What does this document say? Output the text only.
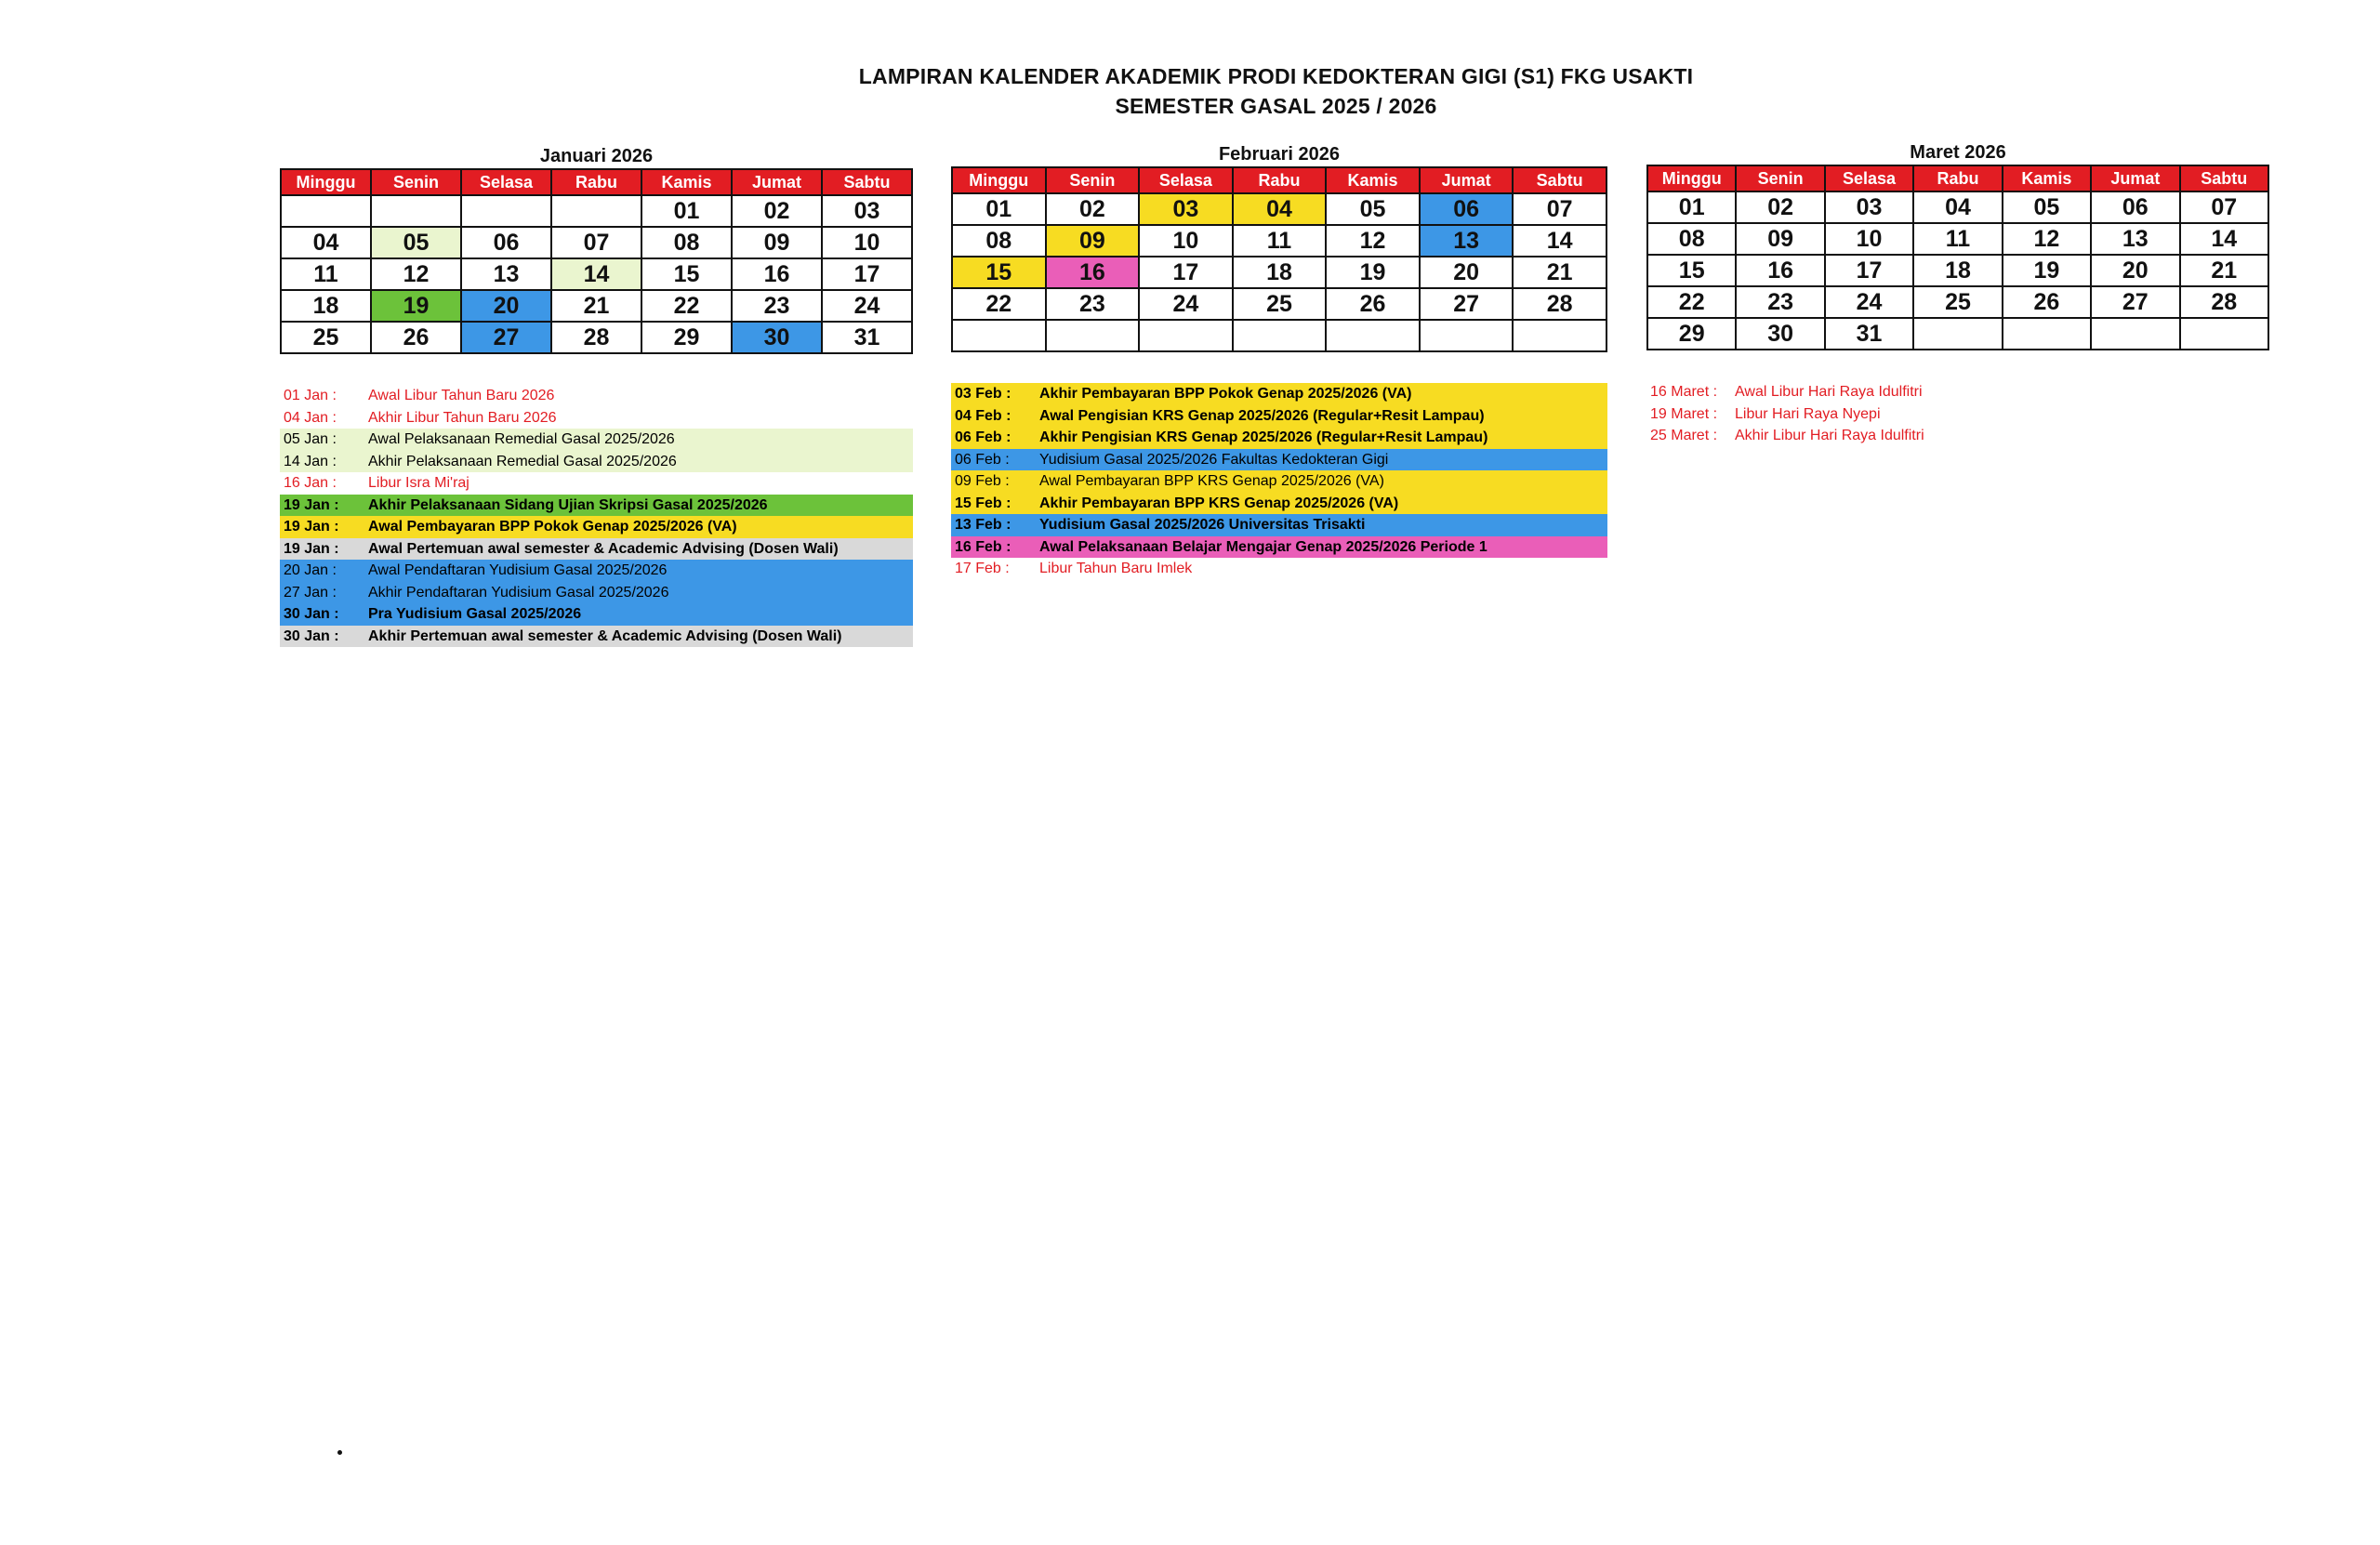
LAMPIRAN KALENDER AKADEMIK PRODI KEDOKTERAN GIGI (S1) FKG USAKTI
SEMESTER GASAL 2025 / 2026
Januari 2026
Minggu	Senin	Selasa	Rabu	Kamis	Jumat	Sabtu
				01	02	03
04	05	06	07	08	09	10
11	12	13	14	15	16	17
18	19	20	21	22	23	24
25	26	27	28	29	30	31
Februari 2026
Minggu	Senin	Selasa	Rabu	Kamis	Jumat	Sabtu
01	02	03	04	05	06	07
08	09	10	11	12	13	14
15	16	17	18	19	20	21
22	23	24	25	26	27	28

Maret 2026
Minggu	Senin	Selasa	Rabu	Kamis	Jumat	Sabtu
01	02	03	04	05	06	07
08	09	10	11	12	13	14
15	16	17	18	19	20	21
22	23	24	25	26	27	28
29	30	31				
01 Jan :	Awal Libur Tahun Baru 2026
04 Jan :	Akhir Libur Tahun Baru 2026
05 Jan :	Awal Pelaksanaan Remedial Gasal 2025/2026
14 Jan :	Akhir Pelaksanaan Remedial Gasal 2025/2026
16 Jan :	Libur Isra Mi'raj
19 Jan :	Akhir Pelaksanaan Sidang Ujian Skripsi Gasal 2025/2026
19 Jan :	Awal Pembayaran BPP Pokok Genap 2025/2026 (VA)
19 Jan :	Awal Pertemuan awal semester & Academic Advising (Dosen Wali)
20 Jan :	Awal Pendaftaran Yudisium Gasal 2025/2026
27 Jan :	Akhir Pendaftaran Yudisium Gasal 2025/2026
30 Jan :	Pra Yudisium Gasal 2025/2026
30 Jan :	Akhir Pertemuan awal semester & Academic Advising (Dosen Wali)
03 Feb :	Akhir Pembayaran BPP Pokok Genap 2025/2026 (VA)
04 Feb :	Awal Pengisian KRS Genap 2025/2026 (Regular+Resit Lampau)
06 Feb :	Akhir Pengisian KRS Genap 2025/2026 (Regular+Resit Lampau)
06 Feb :	Yudisium Gasal 2025/2026 Fakultas Kedokteran Gigi
09 Feb :	Awal Pembayaran BPP KRS Genap 2025/2026 (VA)
15 Feb :	Akhir Pembayaran BPP KRS Genap 2025/2026 (VA)
13 Feb :	Yudisium Gasal 2025/2026 Universitas Trisakti
16 Feb :	Awal Pelaksanaan Belajar Mengajar Genap 2025/2026 Periode 1
17 Feb :	Libur Tahun Baru Imlek
16 Maret :	Awal Libur Hari Raya Idulfitri
19 Maret :	Libur Hari Raya Nyepi
25 Maret :	Akhir Libur Hari Raya Idulfitri
